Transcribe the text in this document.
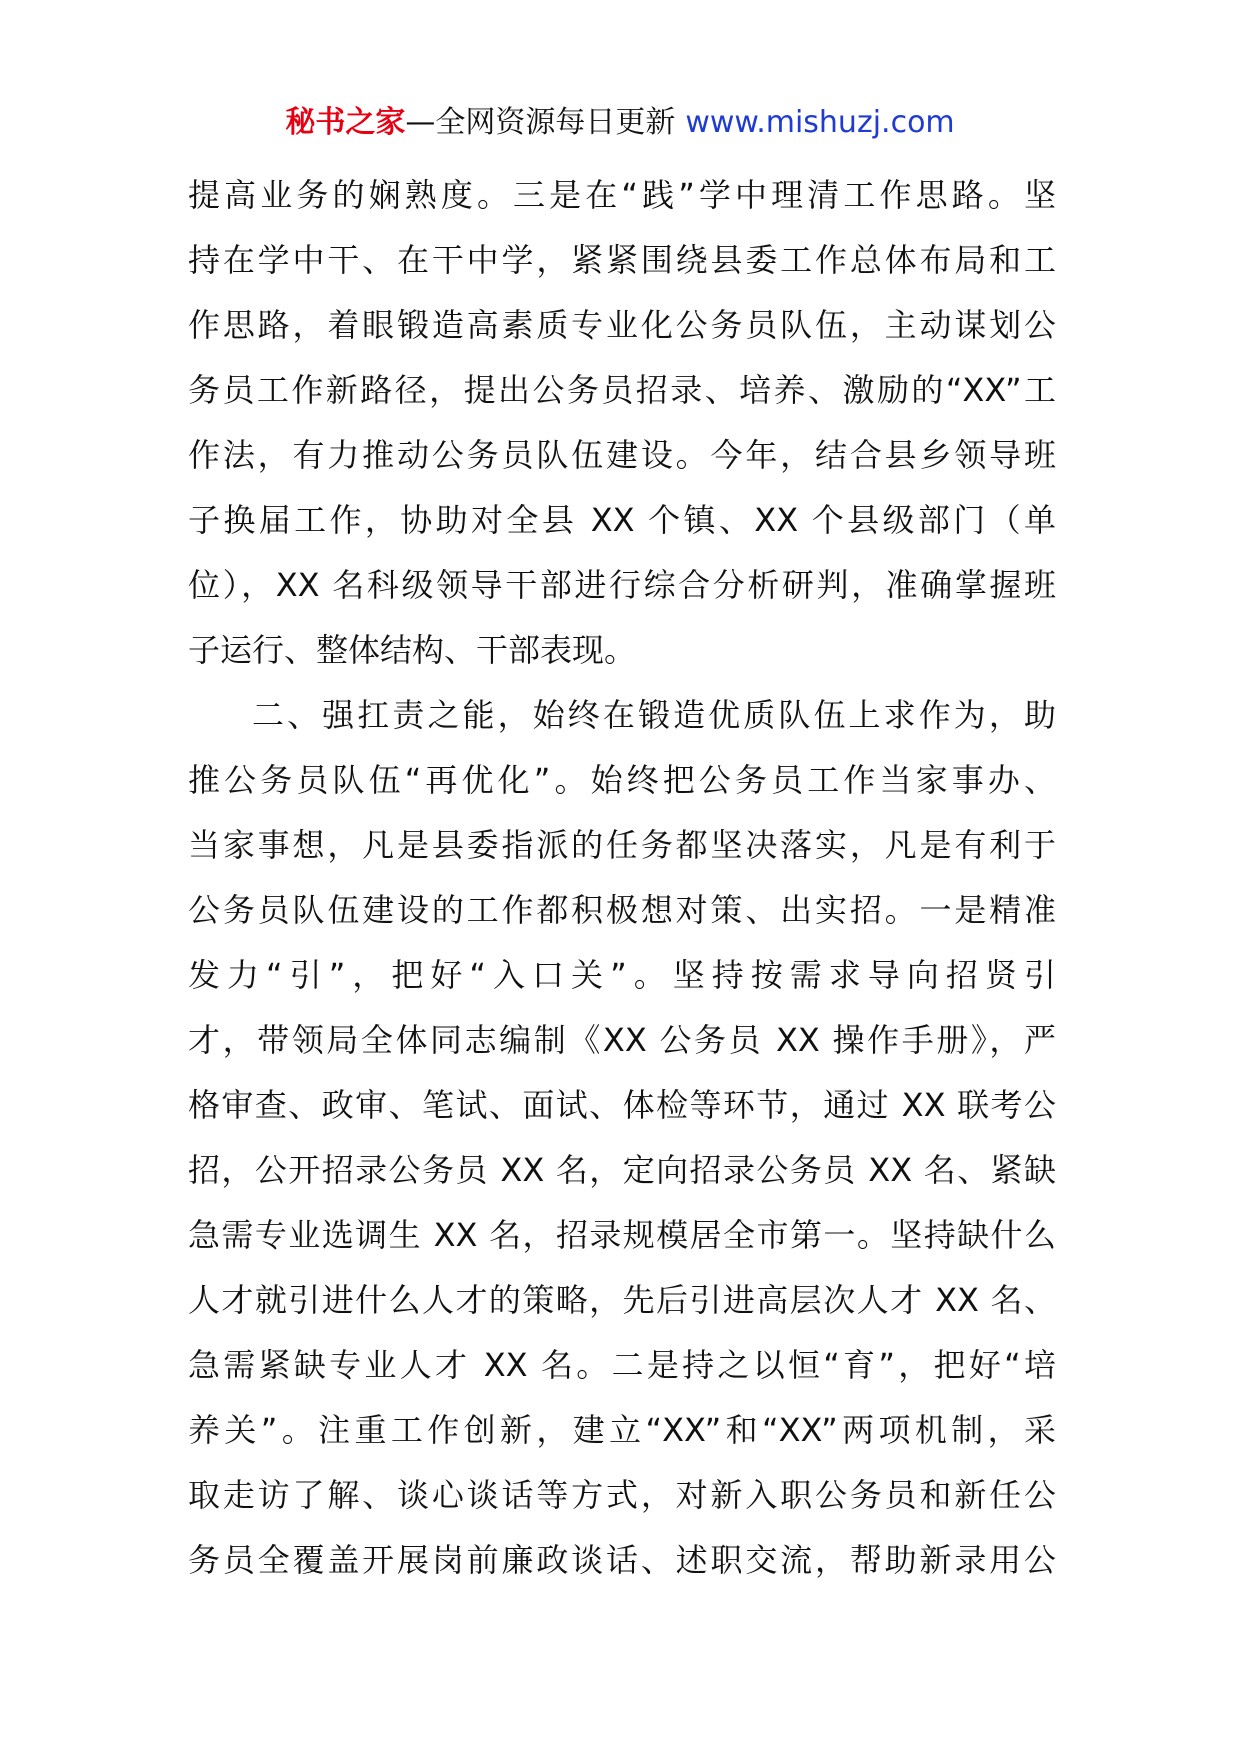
秘书之家—全网资源每日更新 www.mishuzj.com
提高业务的娴熟度。三是在“践”学中理清工作思路。坚
持在学中干、在干中学，紧紧围绕县委工作总体布局和工
作思路，着眼锻造高素质专业化公务员队伍，主动谋划公
务员工作新路径，提出公务员招录、培养、激励的“XX”工
作法，有力推动公务员队伍建设。今年，结合县乡领导班
子换届工作，协助对全县 XX 个镇、XX 个县级部门（单
位），XX 名科级领导干部进行综合分析研判，准确掌握班
子运行、整体结构、干部表现。
二、强扛责之能，始终在锻造优质队伍上求作为，助
推公务员队伍“再优化”。始终把公务员工作当家事办、
当家事想，凡是县委指派的任务都坚决落实，凡是有利于
公务员队伍建设的工作都积极想对策、出实招。一是精准
发力“引”，把好“入口关”。坚持按需求导向招贤引
才，带领局全体同志编制《XX 公务员 XX 操作手册》，严
格审查、政审、笔试、面试、体检等环节，通过 XX 联考公
招，公开招录公务员 XX 名，定向招录公务员 XX 名、紧缺
急需专业选调生 XX 名，招录规模居全市第一。坚持缺什么
人才就引进什么人才的策略，先后引进高层次人才 XX 名、
急需紧缺专业人才 XX 名。二是持之以恒“育”，把好“培
养关”。注重工作创新，建立“XX”和“XX”两项机制，采
取走访了解、谈心谈话等方式，对新入职公务员和新任公
务员全覆盖开展岗前廉政谈话、述职交流，帮助新录用公
